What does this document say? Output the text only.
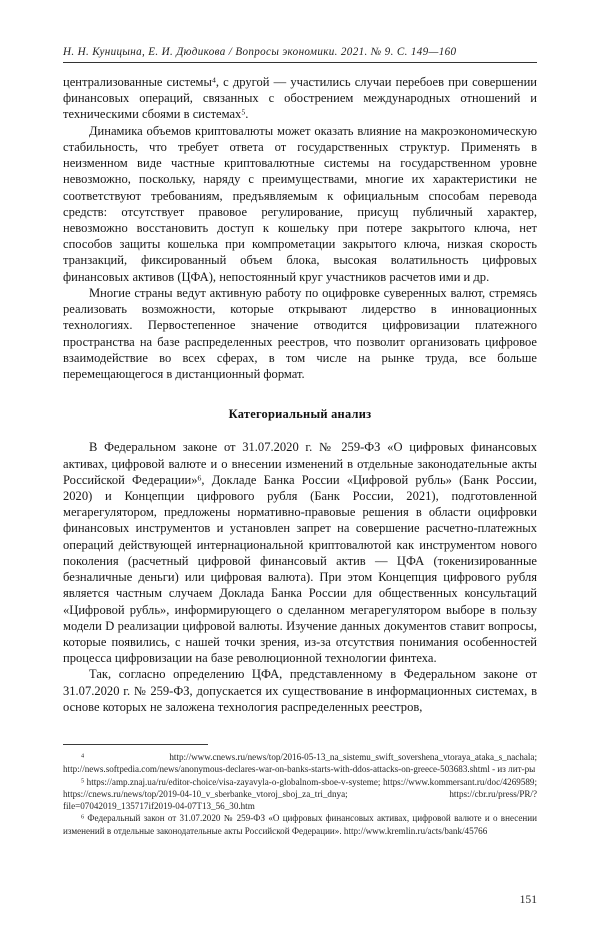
Н. Н. Куницына, Е. И. Дюдикова / Вопросы экономики. 2021. № 9. С. 149—160

централизованные системы$^4$, с другой — участились случаи перебоев при совершении финансовых операций, связанных с обострением международных отношений и техническими сбоями в системах$^5$.

Динамика объемов криптовалюты может оказать влияние на макроэкономическую стабильность, что требует ответа от государственных структур. Применять в неизменном виде частные криптовалютные системы на государственном уровне невозможно, поскольку, наряду с преимуществами, многие их характеристики не соответствуют требованиям, предъявляемым к официальным способам перевода средств: отсутствует правовое регулирование, присущ публичный характер, невозможно восстановить доступ к кошельку при потере закрытого ключа, нет способов защиты кошелька при компрометации закрытого ключа, низкая скорость транзакций, фиксированный объем блока, высокая волатильность цифровых финансовых активов (ЦФА), непостоянный круг участников расчетов ими и др.

Многие страны ведут активную работу по оцифровке суверенных валют, стремясь реализовать возможности, которые открывают лидерство в инновационных технологиях. Первостепенное значение отводится цифровизации платежного пространства на базе распределенных реестров, что позволит организовать цифровое взаимодействие во всех сферах, в том числе на рынке труда, все больше перемещающегося в дистанционный формат.

Категориальный анализ

В Федеральном законе от 31.07.2020 г. № 259-ФЗ «О цифровых финансовых активах, цифровой валюте и о внесении изменений в отдельные законодательные акты Российской Федерации»$^6$, Докладе Банка России «Цифровой рубль» (Банк России, 2020) и Концепции цифрового рубля (Банк России, 2021), подготовленной мегарегулятором, предложены нормативно-правовые решения в области оцифровки финансовых инструментов и установлен запрет на совершение расчетно-платежных операций действующей интернациональной криптовалютой как инструментом нового поколения (расчетный цифровой финансовый актив — ЦФА (токенизированные безналичные деньги) или цифровая валюта). При этом Концепция цифрового рубля является частным случаем Доклада Банка России для общественных консультаций «Цифровой рубль», информирующего о сделанном мегарегулятором выборе в пользу модели D реализации цифровой валюты. Изучение данных документов ставит вопросы, которые появились, с нашей точки зрения, из-за отсутствия понимания особенностей процесса цифровизации на базе революционной технологии финтеха.

Так, согласно определению ЦФА, представленному в Федеральном законе от 31.07.2020 г. № 259-ФЗ, допускается их существование в информационных системах, в основе которых не заложена технология распределенных реестров,

$^4$ http://www.cnews.ru/news/top/2016-05-13_na_sistemu_swift_sovershena_vtoraya_ataka_s_nachala; http://news.softpedia.com/news/anonymous-declares-war-on-banks-starts-with-ddos-attacks-on-greece-503683.shtml - из лит-ры

$^5$ https://amp.znaj.ua/ru/editor-choice/visa-zayavyla-o-globalnom-sboe-v-systeme; https://www.kommersant.ru/doc/4269589; https://cnews.ru/news/top/2019-04-10_v_sberbanke_vtoroj_sboj_za_tri_dnya; https://cbr.ru/press/PR/?file=07042019_135717if2019-04-07T13_56_30.htm

$^6$ Федеральный закон от 31.07.2020 № 259-ФЗ «О цифровых финансовых активах, цифровой валюте и о внесении изменений в отдельные законодательные акты Российской Федерации». http://www.kremlin.ru/acts/bank/45766

151
